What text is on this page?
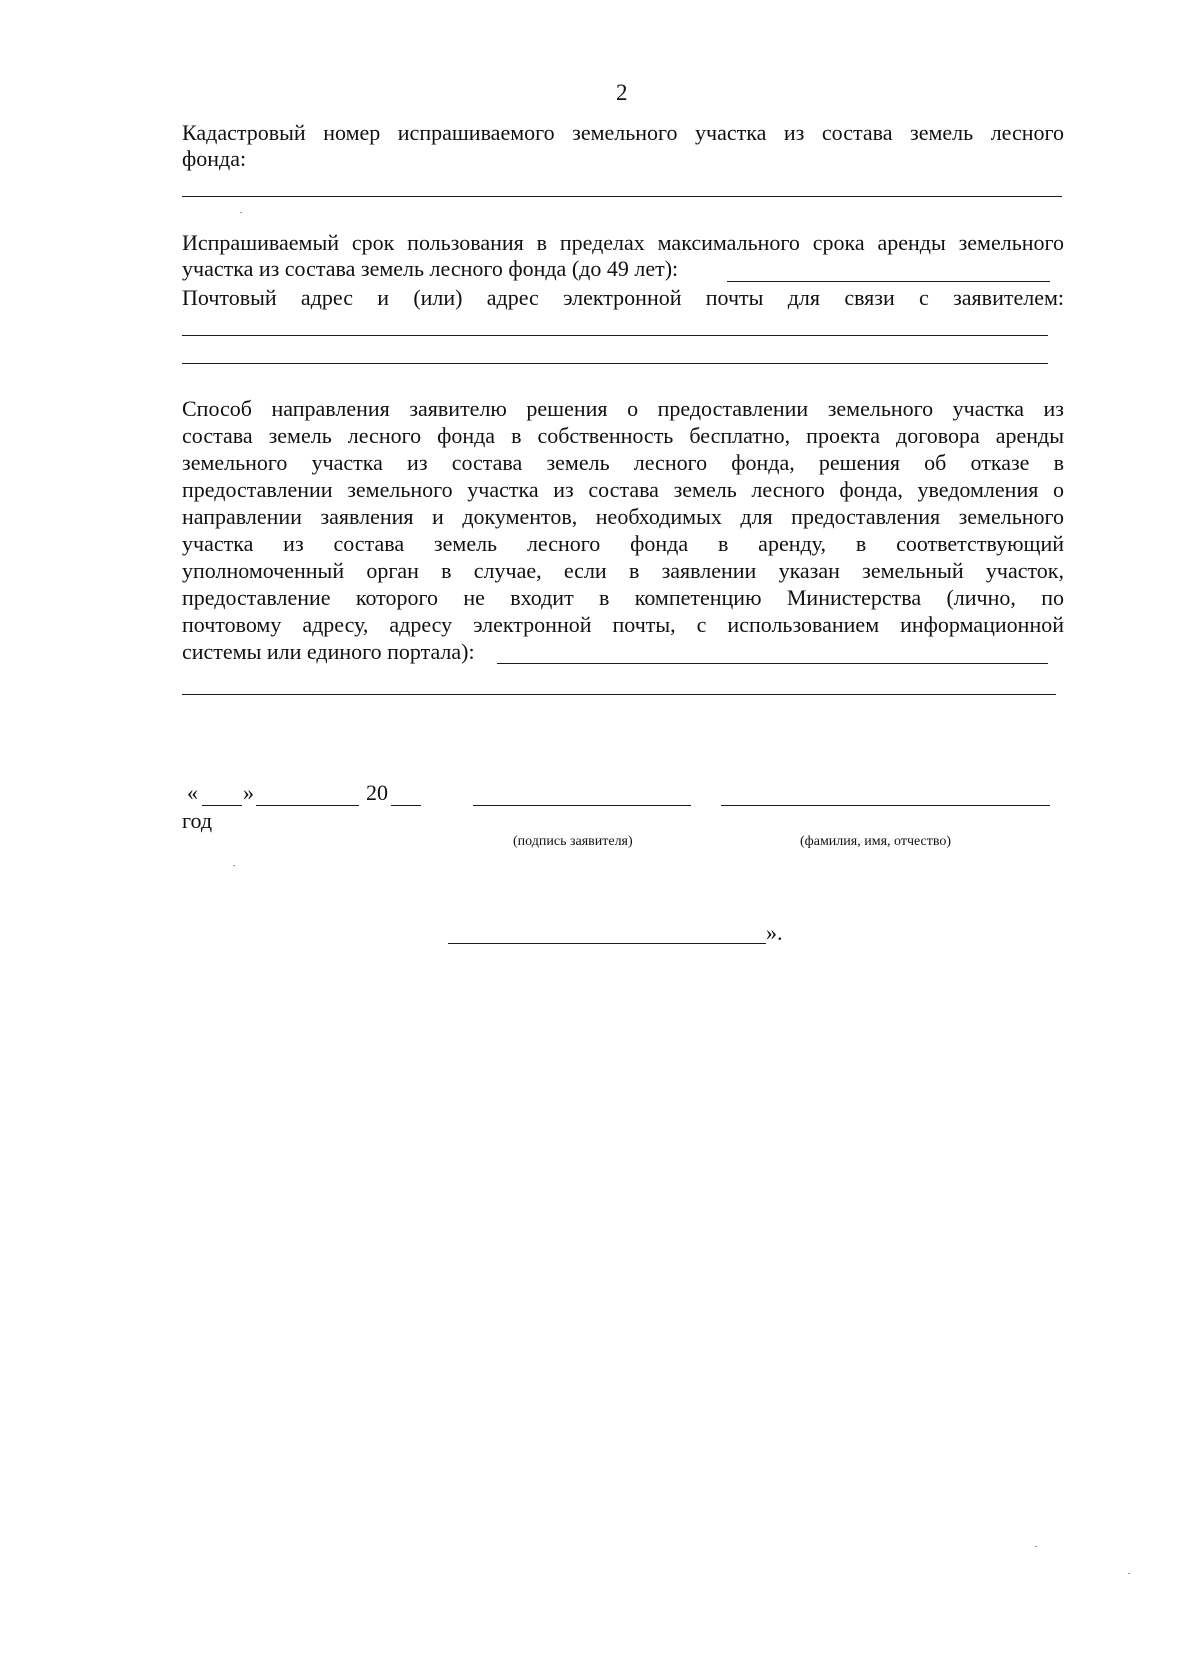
2
Кадастровый номер испрашиваемого земельного участка из состава земель лесного
фонда:
Испрашиваемый срок пользования в пределах максимального срока аренды земельного
участка из состава земель лесного фонда (до 49 лет):
Почтовый адрес и (или) адрес электронной почты для связи с заявителем:
Способ направления заявителю решения о предоставлении земельного участка из
состава земель лесного фонда в собственность бесплатно, проекта договора аренды
земельного участка из состава земель лесного фонда, решения об отказе в
предоставлении земельного участка из состава земель лесного фонда, уведомления о
направлении заявления и документов, необходимых для предоставления земельного
участка из состава земель лесного фонда в аренду, в соответствующий
уполномоченный орган в случае, если в заявлении указан земельный участок,
предоставление которого не входит в компетенцию Министерства (лично, по
почтовому адресу, адресу электронной почты, с использованием информационной
системы или единого портала):
« »	20
год
(подпись заявителя)	(фамилия, имя, отчество)
».
